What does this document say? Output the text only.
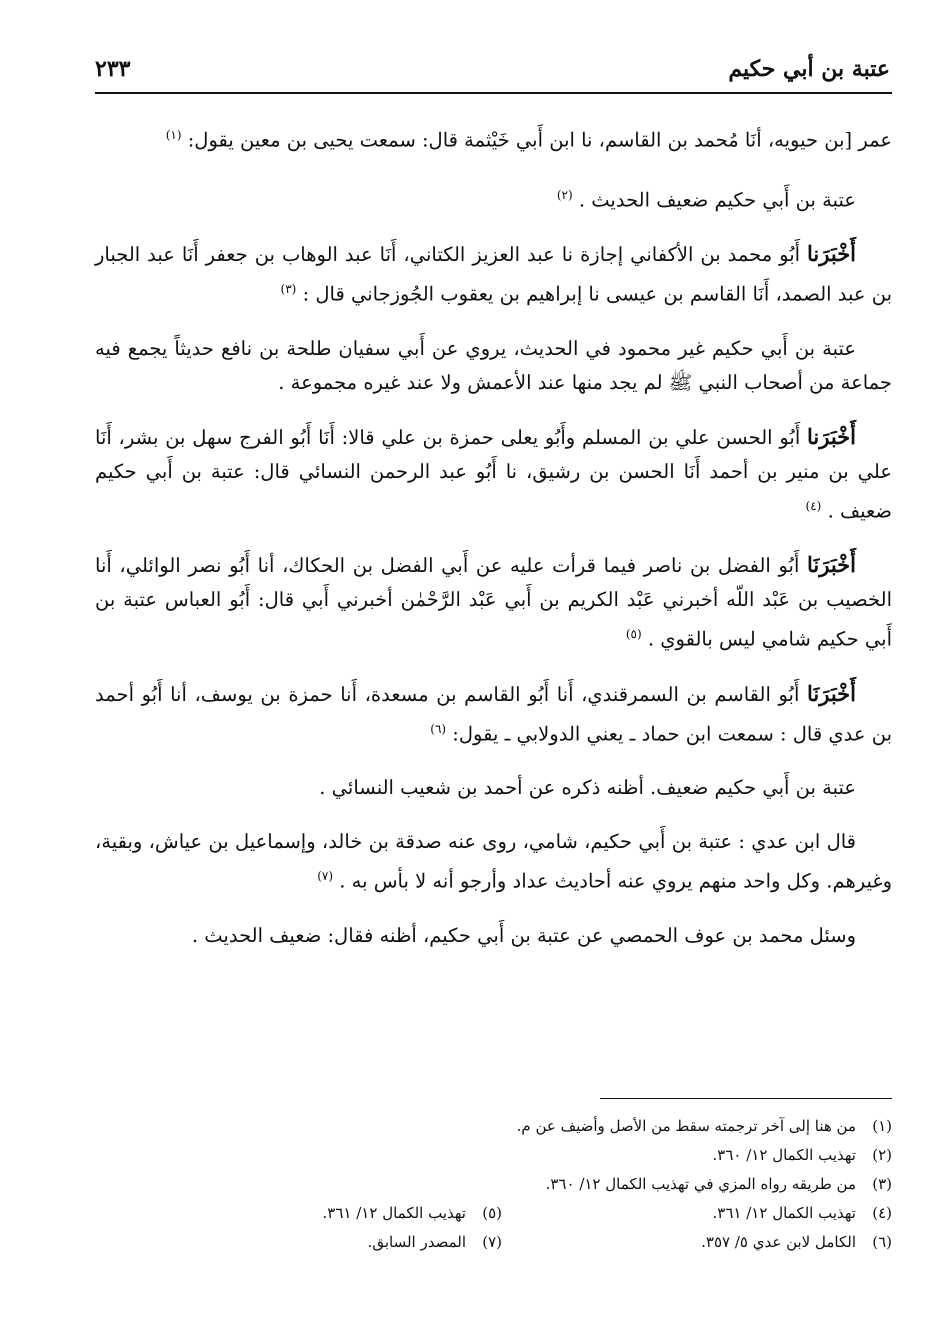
عتبة بن أبي حكيم
٢٣٣

عمر [بن حيويه، أنَا مُحمد بن القاسم، نا ابن أَبي خَيْثمة قال: سمعت يحيى بن معين يقول: $^{(١)}$

عتبة بن أَبي حكيم ضعيف الحديث . $^{(٢)}$

أَخْبَرَنا أَبُو محمد بن الأكفاني إجازة نا عبد العزيز الكتاني، أَنَا عبد الوهاب بن جعفر أَنَا عبد الجبار بن عبد الصمد، أَنَا القاسم بن عيسى نا إبراهيم بن يعقوب الجُوزجاني قال : $^{(٣)}$

عتبة بن أَبي حكيم غير محمود في الحديث، يروي عن أَبي سفيان طلحة بن نافع حديثاً يجمع فيه جماعة من أصحاب النبي ﷺ لم يجد منها عند الأعمش ولا عند غيره مجموعة .

أَخْبَرَنا أَبُو الحسن علي بن المسلم وأَبُو يعلى حمزة بن علي قالا: أَنَا أَبُو الفرج سهل بن بشر، أَنَا علي بن منير بن أحمد أَنَا الحسن بن رشيق، نا أَبُو عبد الرحمن النسائي قال: عتبة بن أَبي حكيم ضعيف . $^{(٤)}$

أَخْبَرَنَا أَبُو الفضل بن ناصر فيما قرأت عليه عن أَبي الفضل بن الحكاك، أنا أَبُو نصر الوائلي، أَنا الخصيب بن عَبْد اللّه أخبرني عَبْد الكريم بن أَبي عَبْد الرَّحْمٰن أخبرني أَبي قال: أَبُو العباس عتبة بن أَبي حكيم شامي ليس بالقوي . $^{(٥)}$

أَخْبَرَنَا أَبُو القاسم بن السمرقندي، أَنا أَبُو القاسم بن مسعدة، أَنا حمزة بن يوسف، أنا أَبُو أحمد بن عدي قال : سمعت ابن حماد ـ يعني الدولابي ـ يقول: $^{(٦)}$

عتبة بن أَبي حكيم ضعيف. أظنه ذكره عن أحمد بن شعيب النسائي .

قال ابن عدي : عتبة بن أَبي حكيم، شامي، روى عنه صدقة بن خالد، وإسماعيل بن عياش، وبقية، وغيرهم. وكل واحد منهم يروي عنه أحاديث عداد وأرجو أنه لا بأس به . $^{(٧)}$

وسئل محمد بن عوف الحمصي عن عتبة بن أَبي حكيم، أظنه فقال: ضعيف الحديث .

(١)
من هنا إلى آخر ترجمته سقط من الأصل وأضيف عن م.
(٢)
تهذيب الكمال ١٢/ ٣٦٠.
(٣)
من طريقه رواه المزي في تهذيب الكمال ١٢/ ٣٦٠.
(٤)
تهذيب الكمال ١٢/ ٣٦١.
(٥)
تهذيب الكمال ١٢/ ٣٦١.
(٦)
الكامل لابن عدي ٥/ ٣٥٧.
(٧)
المصدر السابق.
